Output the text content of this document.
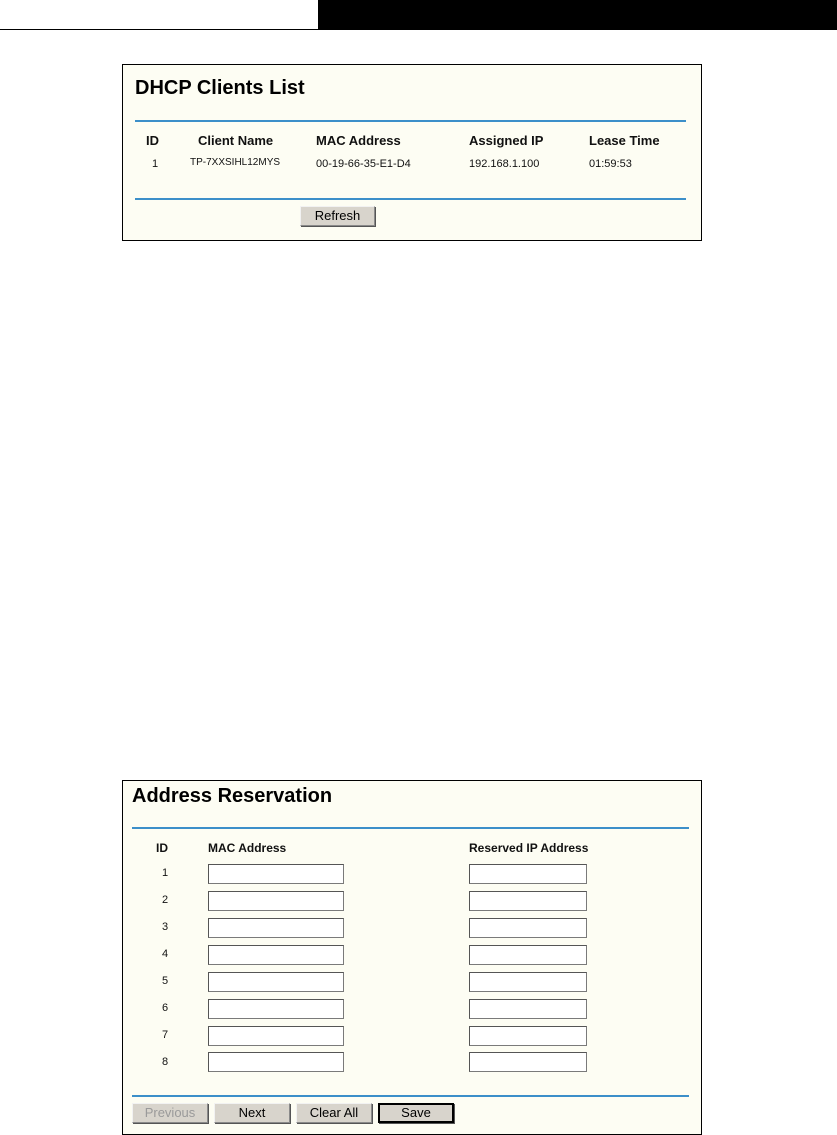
DHCP Clients List
ID	Client Name	MAC Address	Assigned IP	Lease Time
1	TP-7XXSIHL12MYS	00-19-66-35-E1-D4	192.168.1.100	01:59:53
Refresh
Address Reservation
ID	MAC Address	Reserved IP Address
1
2
3
4
5
6
7
8
Previous	Next	Clear All	Save
